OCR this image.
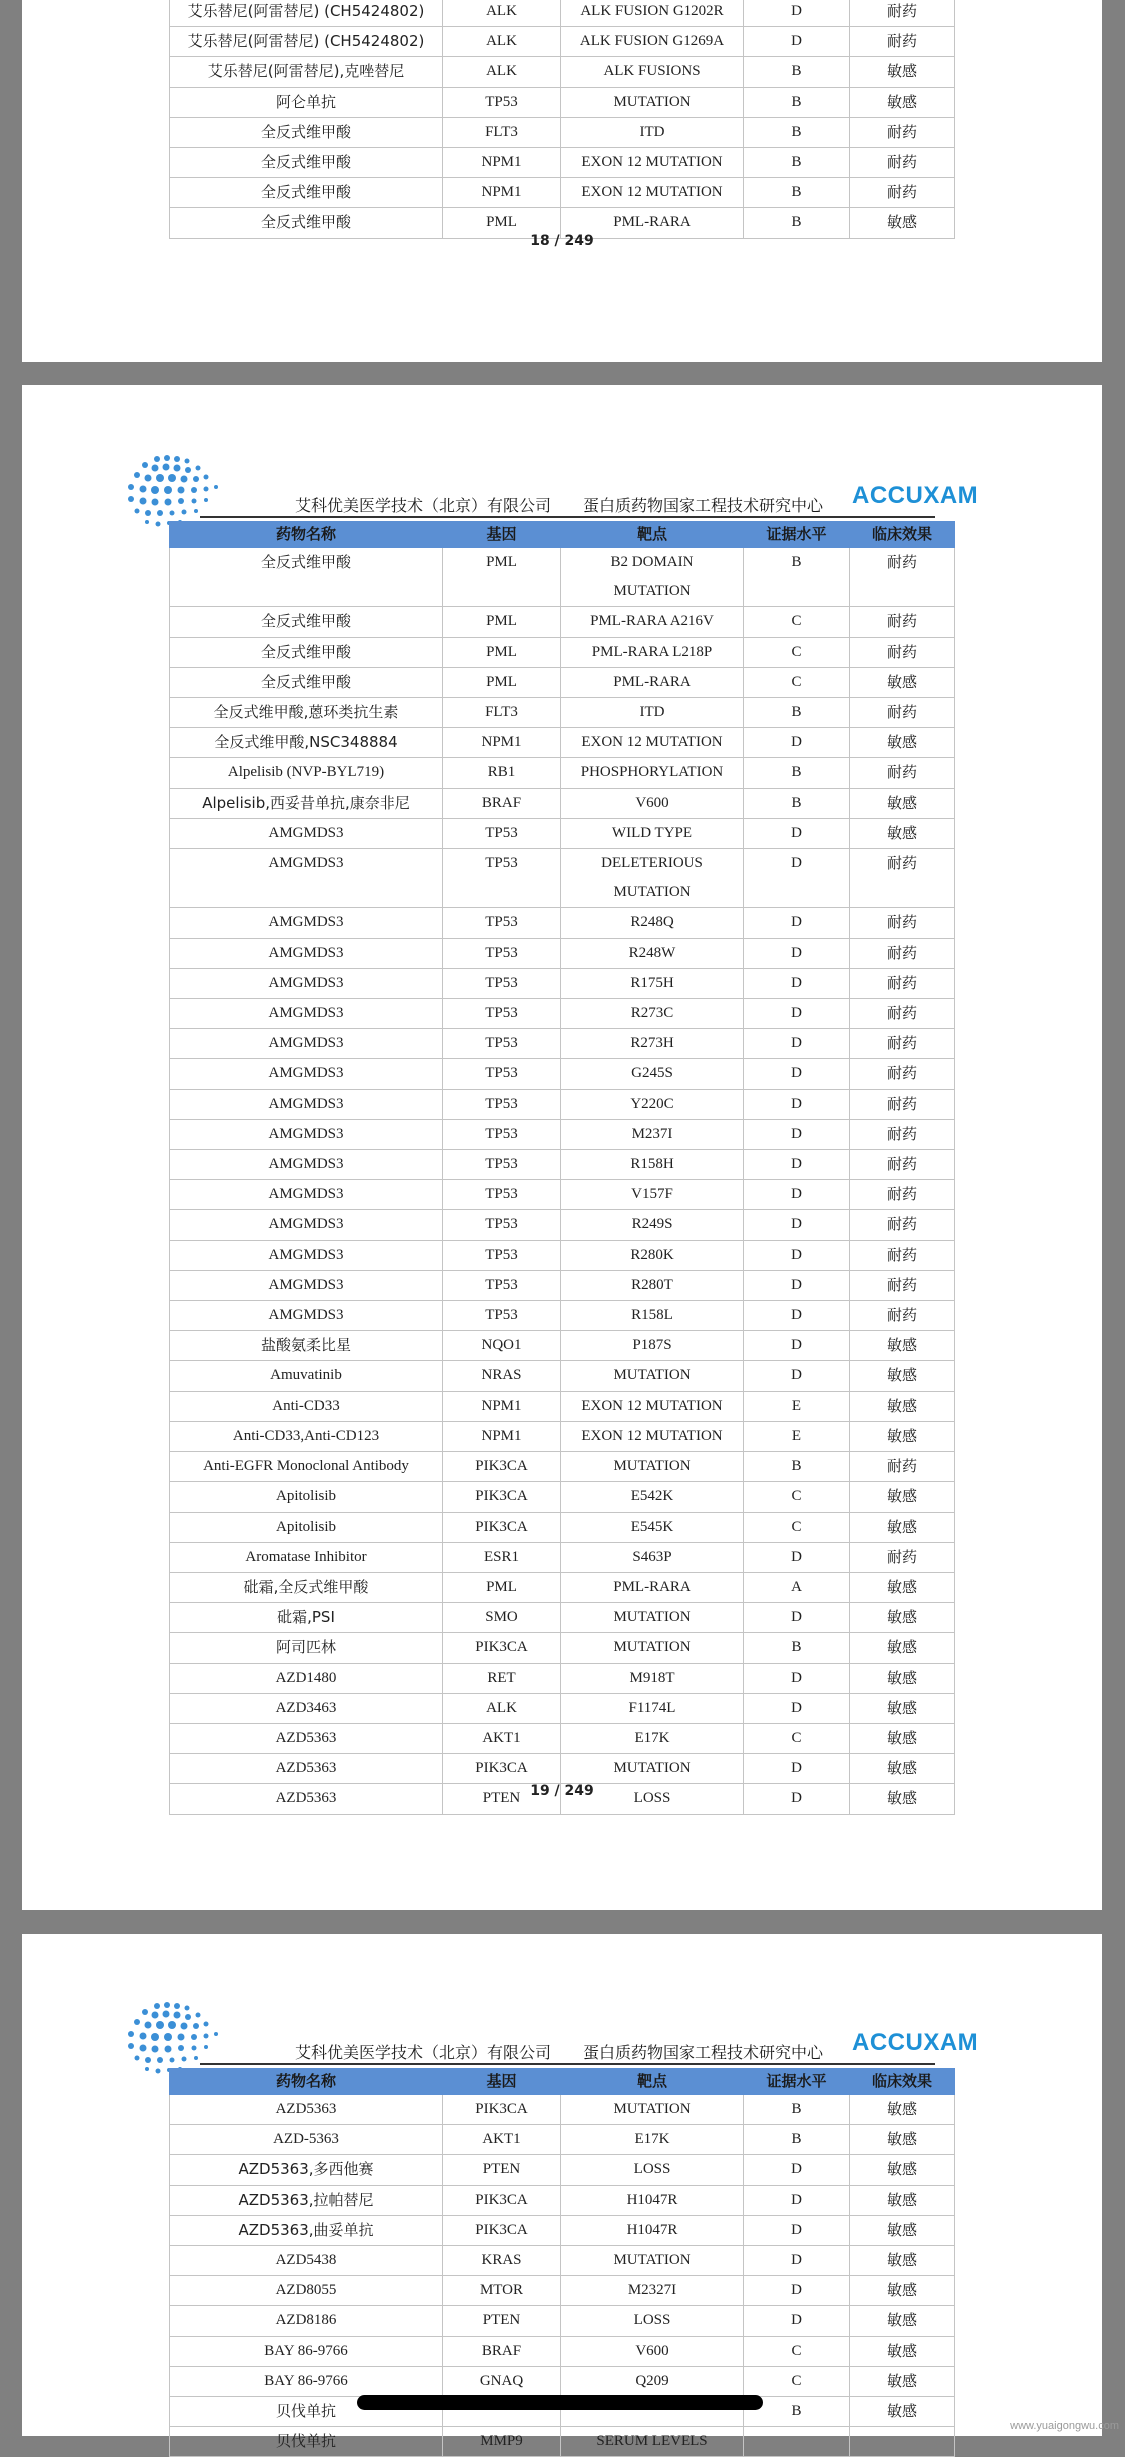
艾乐替尼(阿雷替尼) (CH5424802)	ALK	ALK FUSION G1202R	D	耐药
艾乐替尼(阿雷替尼) (CH5424802)	ALK	ALK FUSION G1269A	D	耐药
艾乐替尼(阿雷替尼),克唑替尼	ALK	ALK FUSIONS	B	敏感
阿仑单抗	TP53	MUTATION	B	敏感
全反式维甲酸	FLT3	ITD	B	耐药
全反式维甲酸	NPM1	EXON 12 MUTATION	B	耐药
全反式维甲酸	NPM1	EXON 12 MUTATION	B	耐药
全反式维甲酸	PML	PML-RARA	B	敏感
18 / 249
艾科优美医学技术（北京）有限公司 蛋白质药物国家工程技术研究中心 ACCUXAM
药物名称	基因	靶点	证据水平	临床效果
全反式维甲酸	PML	B2 DOMAIN
MUTATION	B	耐药
全反式维甲酸	PML	PML-RARA A216V	C	耐药
全反式维甲酸	PML	PML-RARA L218P	C	耐药
全反式维甲酸	PML	PML-RARA	C	敏感
全反式维甲酸,蒽环类抗生素	FLT3	ITD	B	耐药
全反式维甲酸,NSC348884	NPM1	EXON 12 MUTATION	D	敏感
Alpelisib (NVP-BYL719)	RB1	PHOSPHORYLATION	B	耐药
Alpelisib,西妥昔单抗,康奈非尼	BRAF	V600	B	敏感
AMGMDS3	TP53	WILD TYPE	D	敏感
AMGMDS3	TP53	DELETERIOUS
MUTATION	D	耐药
AMGMDS3	TP53	R248Q	D	耐药
AMGMDS3	TP53	R248W	D	耐药
AMGMDS3	TP53	R175H	D	耐药
AMGMDS3	TP53	R273C	D	耐药
AMGMDS3	TP53	R273H	D	耐药
AMGMDS3	TP53	G245S	D	耐药
AMGMDS3	TP53	Y220C	D	耐药
AMGMDS3	TP53	M237I	D	耐药
AMGMDS3	TP53	R158H	D	耐药
AMGMDS3	TP53	V157F	D	耐药
AMGMDS3	TP53	R249S	D	耐药
AMGMDS3	TP53	R280K	D	耐药
AMGMDS3	TP53	R280T	D	耐药
AMGMDS3	TP53	R158L	D	耐药
盐酸氨柔比星	NQO1	P187S	D	敏感
Amuvatinib	NRAS	MUTATION	D	敏感
Anti-CD33	NPM1	EXON 12 MUTATION	E	敏感
Anti-CD33,Anti-CD123	NPM1	EXON 12 MUTATION	E	敏感
Anti-EGFR Monoclonal Antibody	PIK3CA	MUTATION	B	耐药
Apitolisib	PIK3CA	E542K	C	敏感
Apitolisib	PIK3CA	E545K	C	敏感
Aromatase Inhibitor	ESR1	S463P	D	耐药
砒霜,全反式维甲酸	PML	PML-RARA	A	敏感
砒霜,PSI	SMO	MUTATION	D	敏感
阿司匹林	PIK3CA	MUTATION	B	敏感
AZD1480	RET	M918T	D	敏感
AZD3463	ALK	F1174L	D	敏感
AZD5363	AKT1	E17K	C	敏感
AZD5363	PIK3CA	MUTATION	D	敏感
AZD5363	PTEN	LOSS	D	敏感
19 / 249
艾科优美医学技术（北京）有限公司 蛋白质药物国家工程技术研究中心 ACCUXAM
药物名称	基因	靶点	证据水平	临床效果
AZD5363	PIK3CA	MUTATION	B	敏感
AZD-5363	AKT1	E17K	B	敏感
AZD5363,多西他赛	PTEN	LOSS	D	敏感
AZD5363,拉帕替尼	PIK3CA	H1047R	D	敏感
AZD5363,曲妥单抗	PIK3CA	H1047R	D	敏感
AZD5438	KRAS	MUTATION	D	敏感
AZD8055	MTOR	M2327I	D	敏感
AZD8186	PTEN	LOSS	D	敏感
BAY 86-9766	BRAF	V600	C	敏感
BAY 86-9766	GNAQ	Q209	C	敏感
贝伐单抗			B	敏感
贝伐单抗	MMP9	SERUM LEVELS		
www.yuaigongwu.com
